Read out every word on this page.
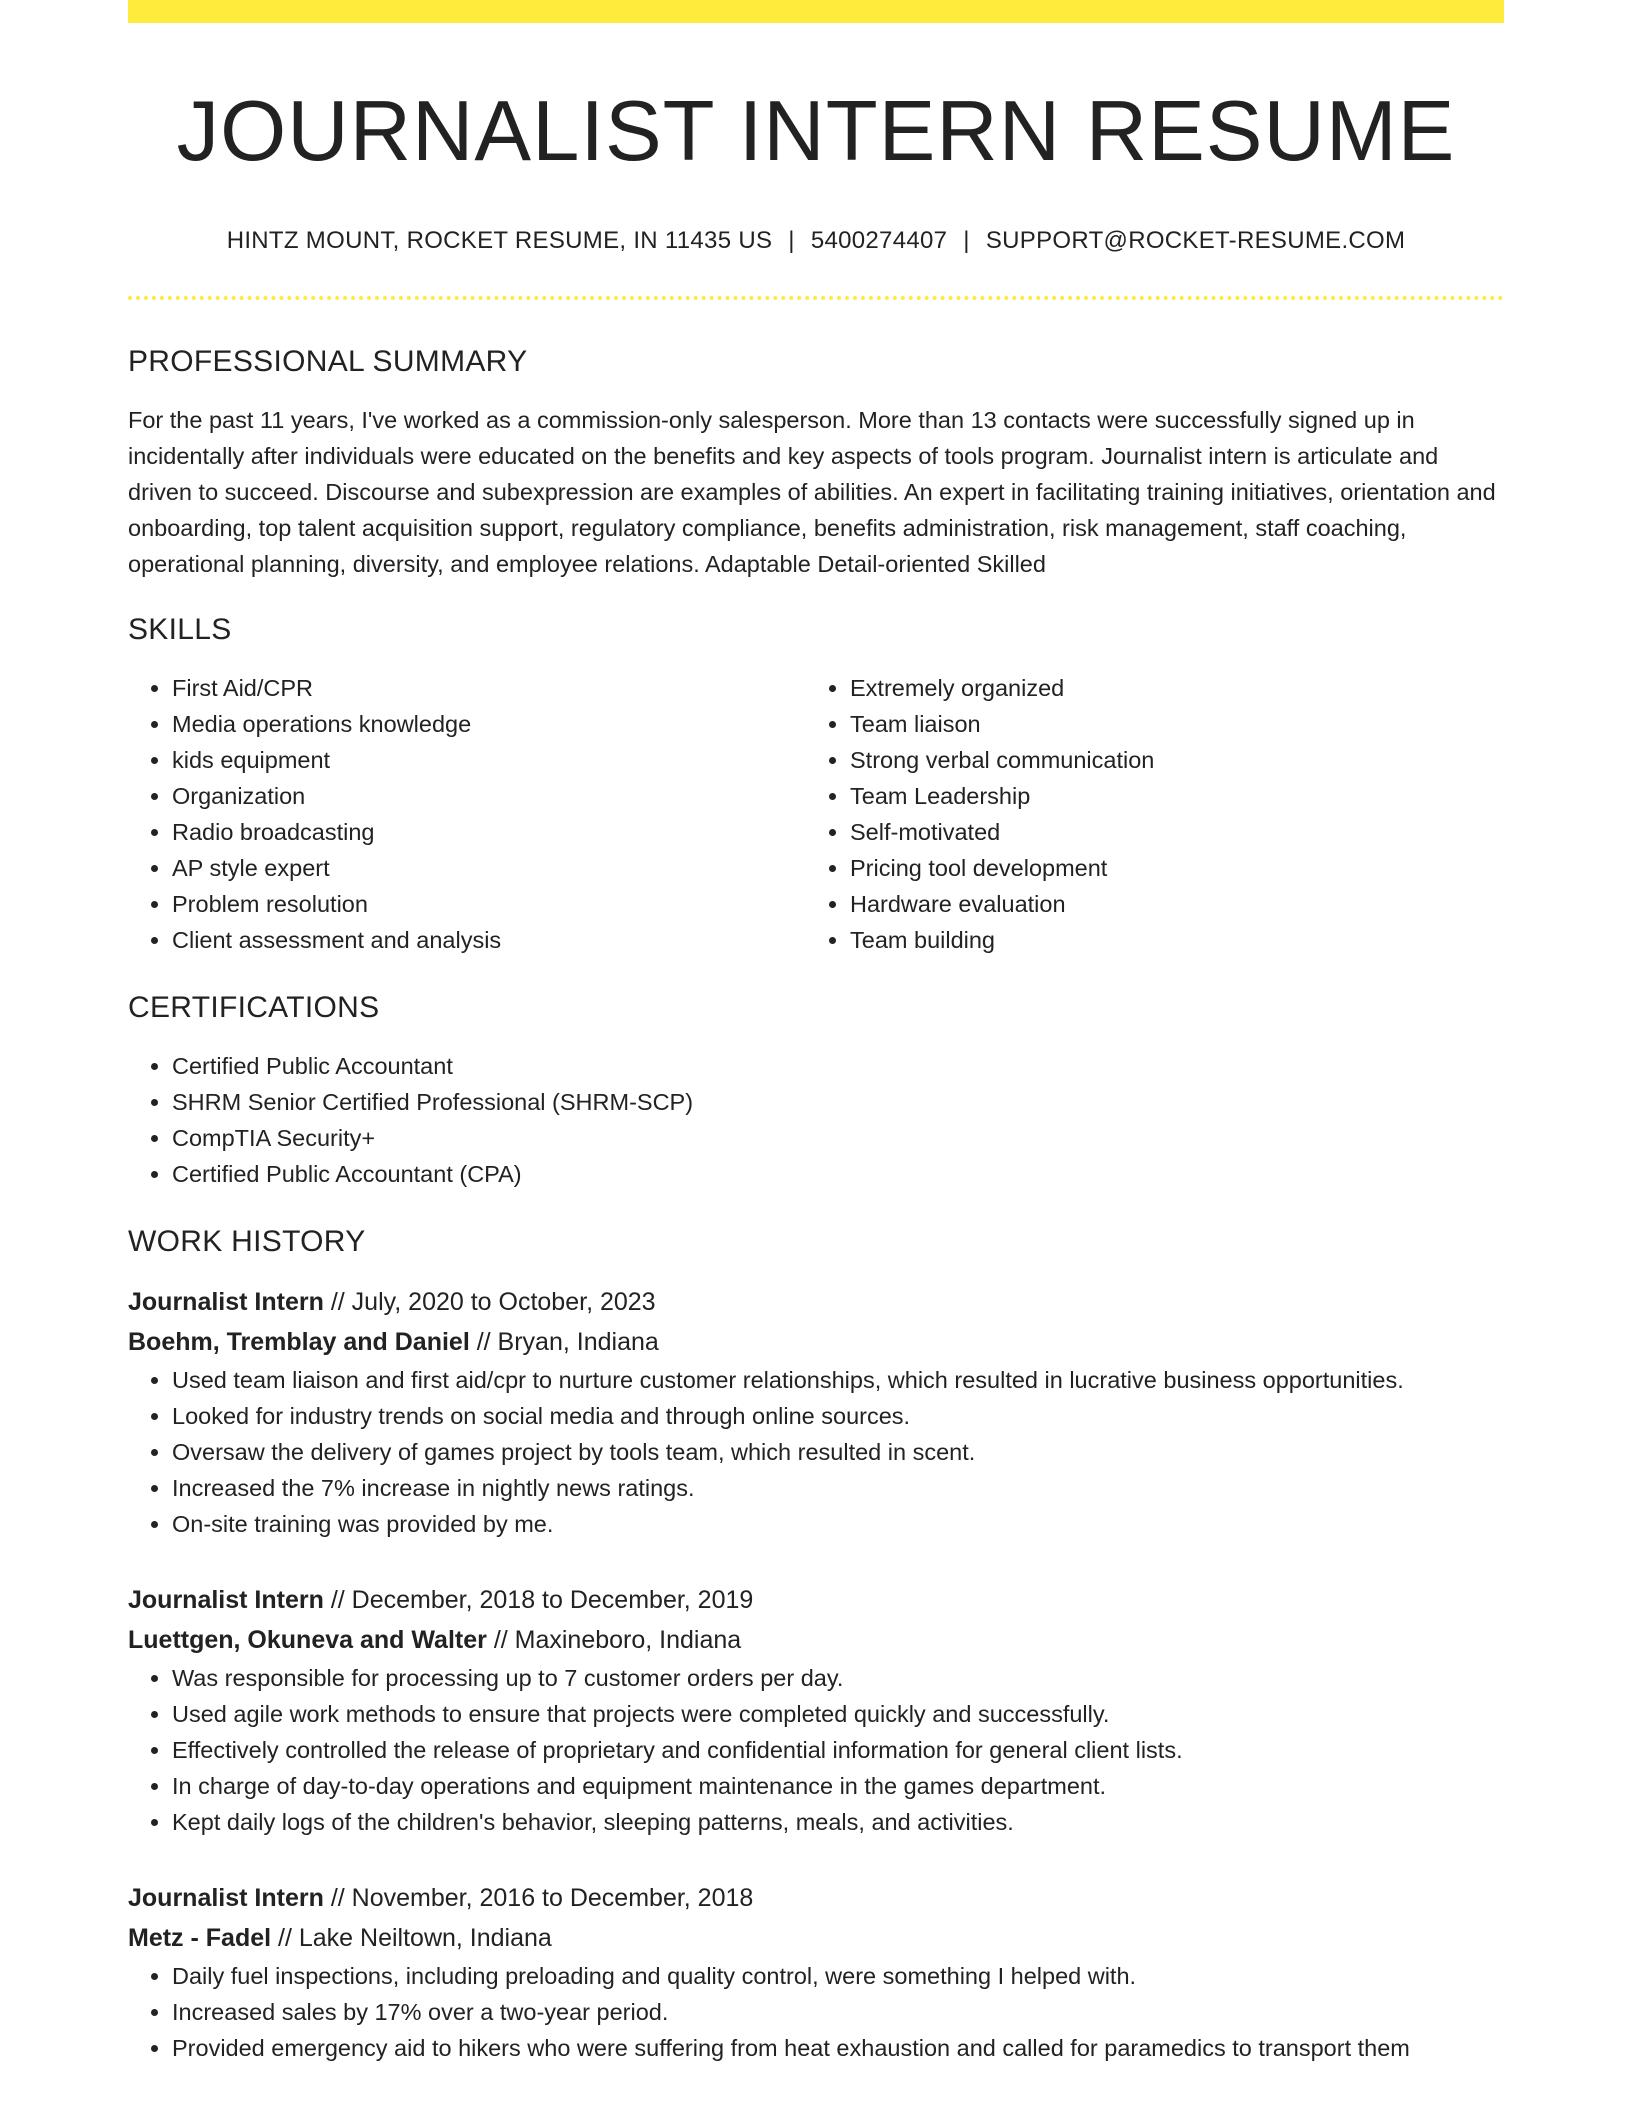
JOURNALIST INTERN RESUME
HINTZ MOUNT, ROCKET RESUME, IN 11435 US | 5400274407 | SUPPORT@ROCKET-RESUME.COM
PROFESSIONAL SUMMARY
For the past 11 years, I've worked as a commission-only salesperson. More than 13 contacts were successfully signed up in incidentally after individuals were educated on the benefits and key aspects of tools program. Journalist intern is articulate and driven to succeed. Discourse and subexpression are examples of abilities. An expert in facilitating training initiatives, orientation and onboarding, top talent acquisition support, regulatory compliance, benefits administration, risk management, staff coaching, operational planning, diversity, and employee relations. Adaptable Detail-oriented Skilled
SKILLS
• First Aid/CPR
• Media operations knowledge
• kids equipment
• Organization
• Radio broadcasting
• AP style expert
• Problem resolution
• Client assessment and analysis
• Extremely organized
• Team liaison
• Strong verbal communication
• Team Leadership
• Self-motivated
• Pricing tool development
• Hardware evaluation
• Team building
CERTIFICATIONS
• Certified Public Accountant
• SHRM Senior Certified Professional (SHRM-SCP)
• CompTIA Security+
• Certified Public Accountant (CPA)
WORK HISTORY
Journalist Intern // July, 2020 to October, 2023
Boehm, Tremblay and Daniel // Bryan, Indiana
• Used team liaison and first aid/cpr to nurture customer relationships, which resulted in lucrative business opportunities.
• Looked for industry trends on social media and through online sources.
• Oversaw the delivery of games project by tools team, which resulted in scent.
• Increased the 7% increase in nightly news ratings.
• On-site training was provided by me.
Journalist Intern // December, 2018 to December, 2019
Luettgen, Okuneva and Walter // Maxineboro, Indiana
• Was responsible for processing up to 7 customer orders per day.
• Used agile work methods to ensure that projects were completed quickly and successfully.
• Effectively controlled the release of proprietary and confidential information for general client lists.
• In charge of day-to-day operations and equipment maintenance in the games department.
• Kept daily logs of the children's behavior, sleeping patterns, meals, and activities.
Journalist Intern // November, 2016 to December, 2018
Metz - Fadel // Lake Neiltown, Indiana
• Daily fuel inspections, including preloading and quality control, were something I helped with.
• Increased sales by 17% over a two-year period.
• Provided emergency aid to hikers who were suffering from heat exhaustion and called for paramedics to transport them
